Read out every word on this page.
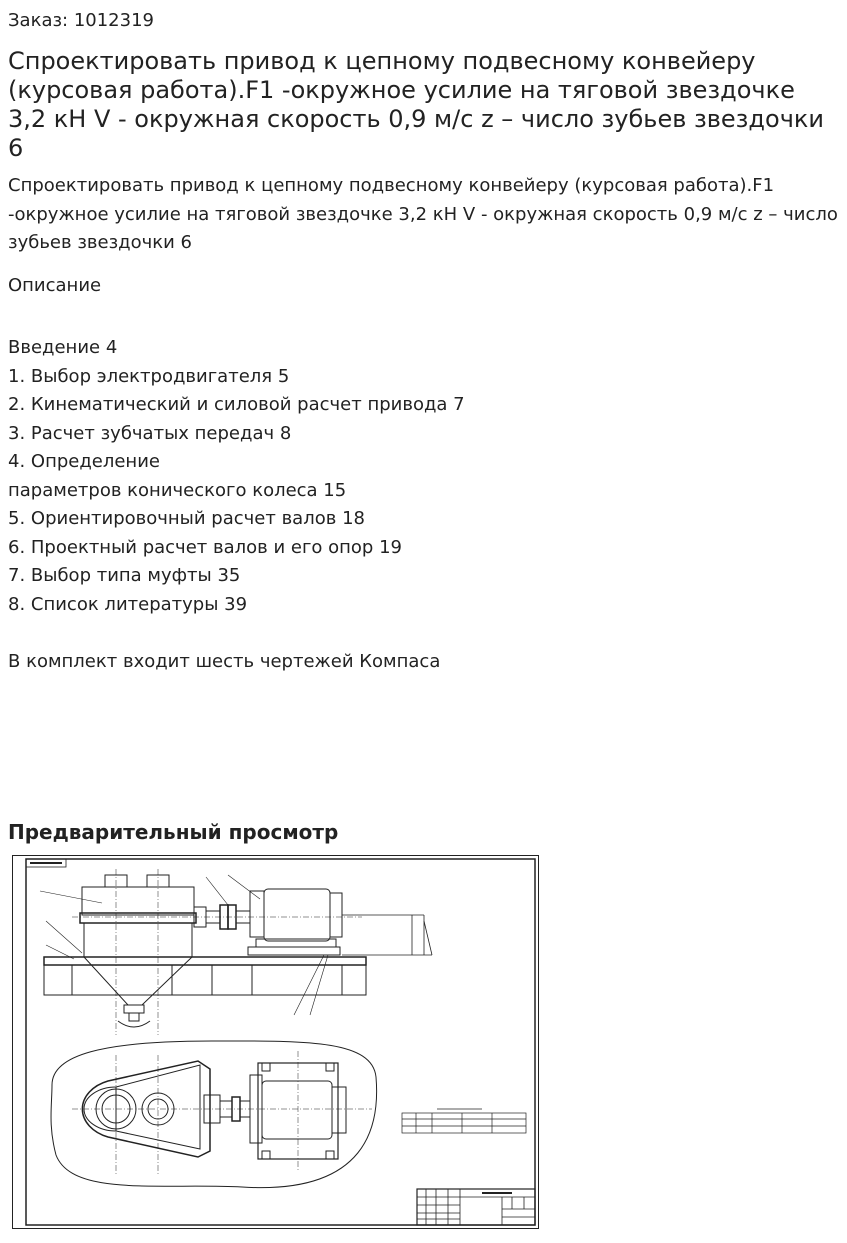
Заказ: 1012319

Спроектировать привод к цепному подвесному конвейеру (курсовая работа).F1 -окружное усилие на тяговой звездочке 3,2 кН V - окружная скорость 0,9 м/с z – число зубьев звездочки 6

Спроектировать привод к цепному подвесному конвейеру (курсовая работа).F1 -окружное усилие на тяговой звездочке 3,2 кН V - окружная скорость 0,9 м/с z – число зубьев звездочки 6

Описание
Введение 4
1. Выбор электродвигателя 5
2. Кинематический и силовой расчет привода 7
3. Расчет зубчатых передач 8
4. Определение
параметров конического колеса 15
5. Ориентировочный расчет валов 18
6. Проектный расчет валов и его опор 19
7. Выбор типа муфты 35
8. Список литературы 39

В комплект входит шесть чертежей Компаса

Предварительный просмотр
